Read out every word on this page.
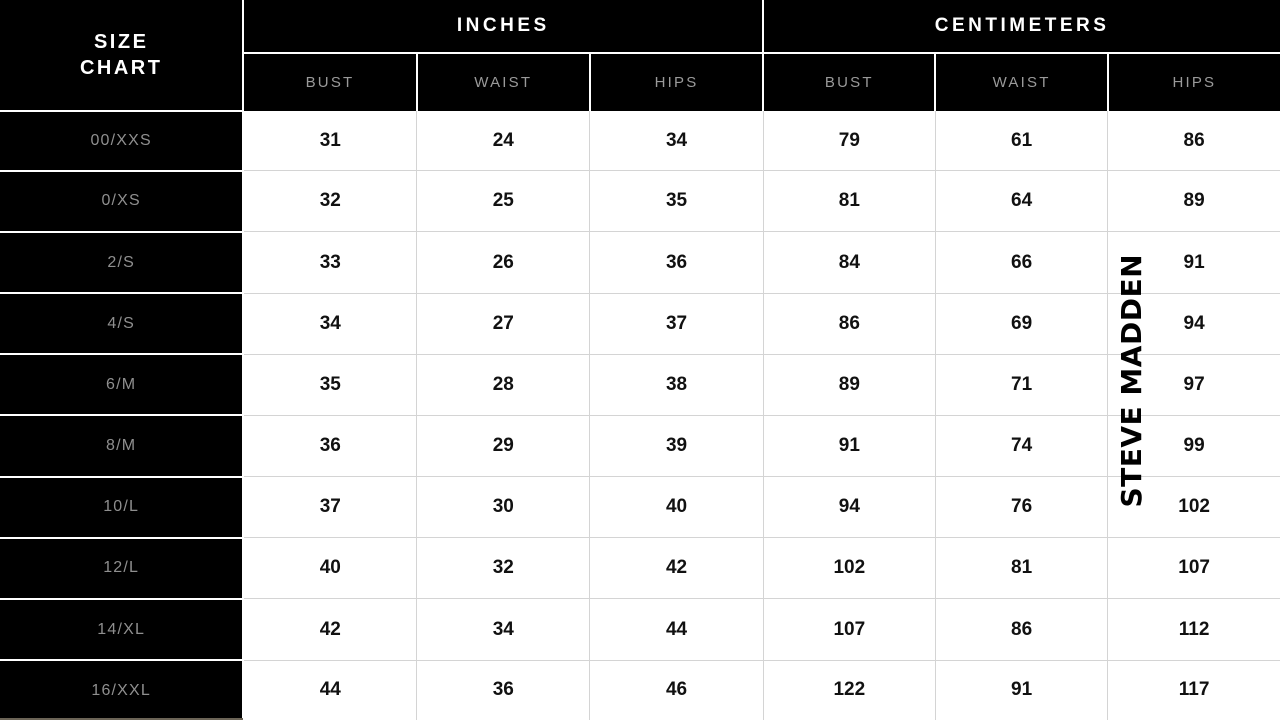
SIZE
CHART	INCHES			CENTIMETERS		
	BUST	WAIST	HIPS	BUST	WAIST	HIPS
00/XXS	31	24	34	79	61	86
0/XS	32	25	35	81	64	89
2/S	33	26	36	84	66	91
4/S	34	27	37	86	69	94
6/M	35	28	38	89	71	97
8/M	36	29	39	91	74	99
10/L	37	30	40	94	76	102
12/L	40	32	42	102	81	107
14/XL	42	34	44	107	86	112
16/XXL	44	36	46	122	91	117
STEVE MADDEN
